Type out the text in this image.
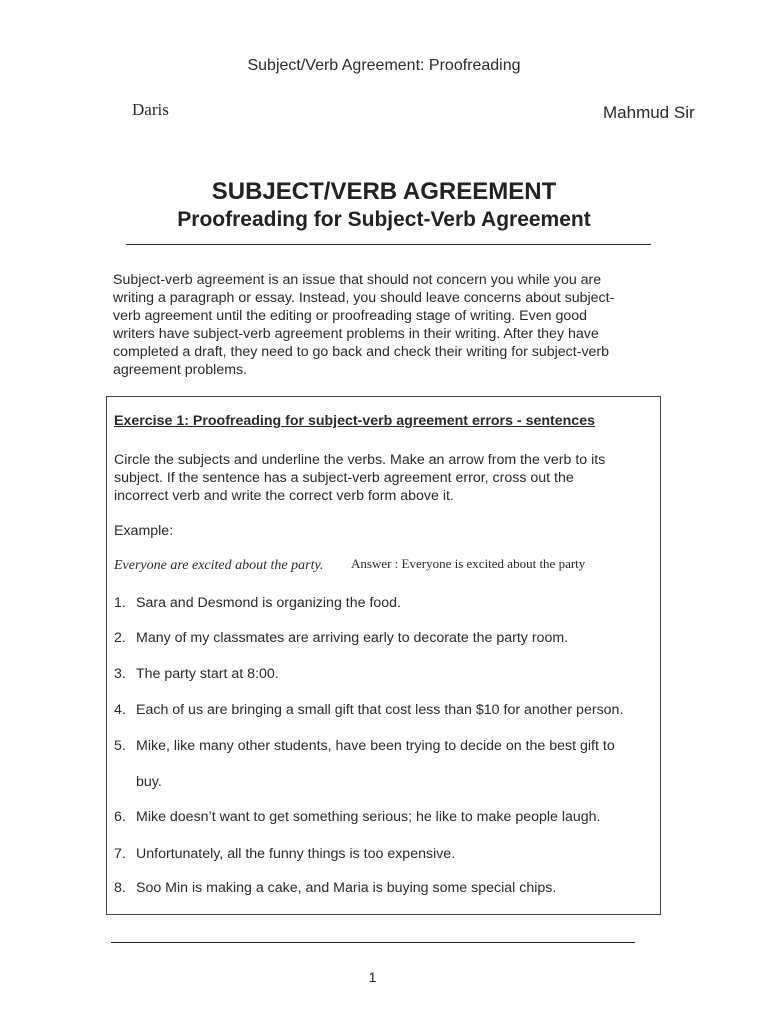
Subject/Verb Agreement: Proofreading
Daris	Mahmud Sir
SUBJECT/VERB AGREEMENT
Proofreading for Subject-Verb Agreement
Subject-verb agreement is an issue that should not concern you while you are
writing a paragraph or essay. Instead, you should leave concerns about subject-
verb agreement until the editing or proofreading stage of writing. Even good
writers have subject-verb agreement problems in their writing. After they have
completed a draft, they need to go back and check their writing for subject-verb
agreement problems.
Exercise 1: Proofreading for subject-verb agreement errors - sentences
Circle the subjects and underline the verbs. Make an arrow from the verb to its
subject. If the sentence has a subject-verb agreement error, cross out the
incorrect verb and write the correct verb form above it.
Example:
Everyone are excited about the party. Answer : Everyone is excited about the party
1. Sara and Desmond is organizing the food.
2. Many of my classmates are arriving early to decorate the party room.
3. The party start at 8:00.
4. Each of us are bringing a small gift that cost less than $10 for another person.
5. Mike, like many other students, have been trying to decide on the best gift to
buy.
6. Mike doesn’t want to get something serious; he like to make people laugh.
7. Unfortunately, all the funny things is too expensive.
8. Soo Min is making a cake, and Maria is buying some special chips.
1
